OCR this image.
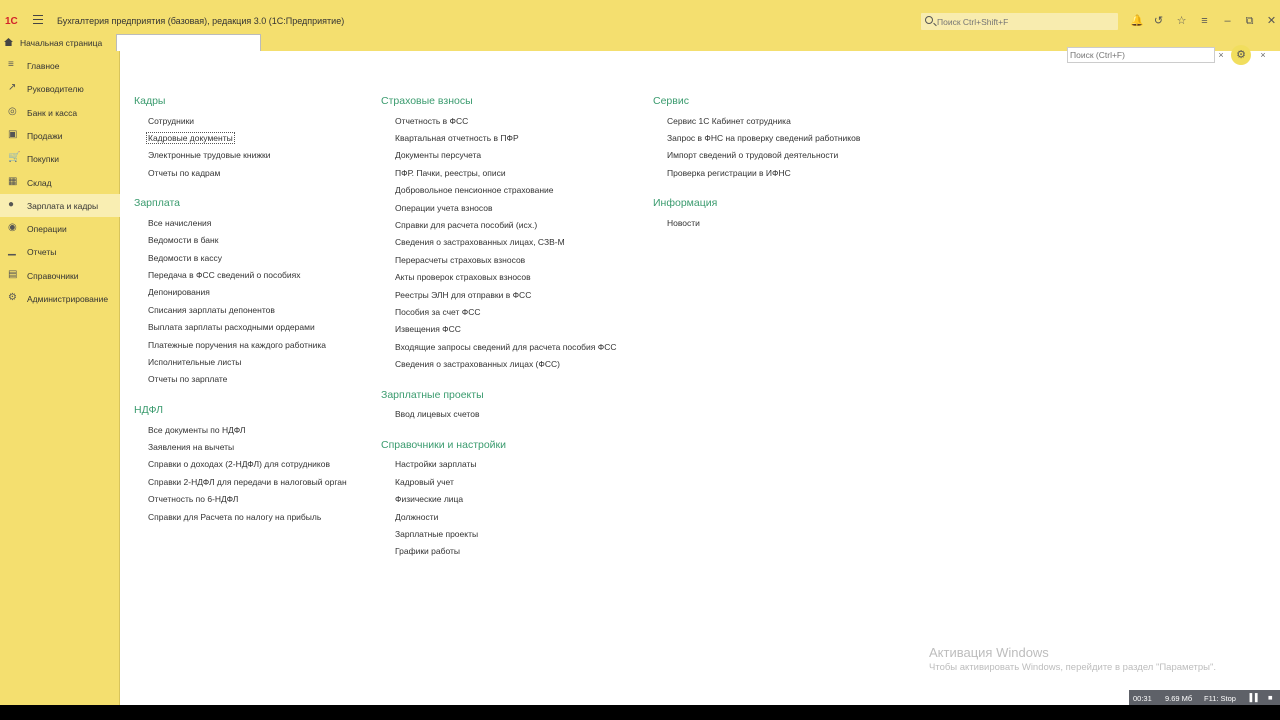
1С	Бухгалтерия предприятия (базовая), редакция 3.0 (1С:Предприятие)
Поиск Ctrl+Shift+F	🔔 ↺ ☆ ≡ – ⧉ ✕
Начальная страница
≡	Главное
↗ Руководителю
◎ Банк и касса
▣ Продажи
🛒 Покупки
▦ Склад
●	Зарплата и кадры
◉ Операции
▁ Отчеты
▤ Справочники
⚙ Администрирование
Поиск (Ctrl+F)
×	⚙	×
Кадры
Сотрудники
Кадровые документы
Электронные трудовые книжки
Отчеты по кадрам
Зарплата
Все начисления
Ведомости в банк
Ведомости в кассу
Передача в ФСС сведений о пособиях
Депонирования
Списания зарплаты депонентов
Выплата зарплаты расходными ордерами
Платежные поручения на каждого работника
Исполнительные листы
Отчеты по зарплате
НДФЛ
Все документы по НДФЛ
Заявления на вычеты
Справки о доходах (2-НДФЛ) для сотрудников
Справки 2-НДФЛ для передачи в налоговый орган
Отчетность по 6-НДФЛ
Справки для Расчета по налогу на прибыль
Страховые взносы
Отчетность в ФСС
Квартальная отчетность в ПФР
Документы персучета
ПФР. Пачки, реестры, описи
Добровольное пенсионное страхование
Операции учета взносов
Справки для расчета пособий (исх.)
Сведения о застрахованных лицах, СЗВ-М
Перерасчеты страховых взносов
Акты проверок страховых взносов
Реестры ЭЛН для отправки в ФСС
Пособия за счет ФСС
Извещения ФСС
Входящие запросы сведений для расчета пособия ФСС
Сведения о застрахованных лицах (ФСС)
Зарплатные проекты
Ввод лицевых счетов
Справочники и настройки
Настройки зарплаты
Кадровый учет
Физические лица
Должности
Зарплатные проекты
Графики работы
Сервис
Сервис 1С Кабинет сотрудника
Запрос в ФНС на проверку сведений работников
Импорт сведений о трудовой деятельности
Проверка регистрации в ИФНС
Информация
Новости
Активация Windows
Чтобы активировать Windows, перейдите в раздел "Параметры".
00:31 9.69 Мб F11: Stop ▐▐ ■
